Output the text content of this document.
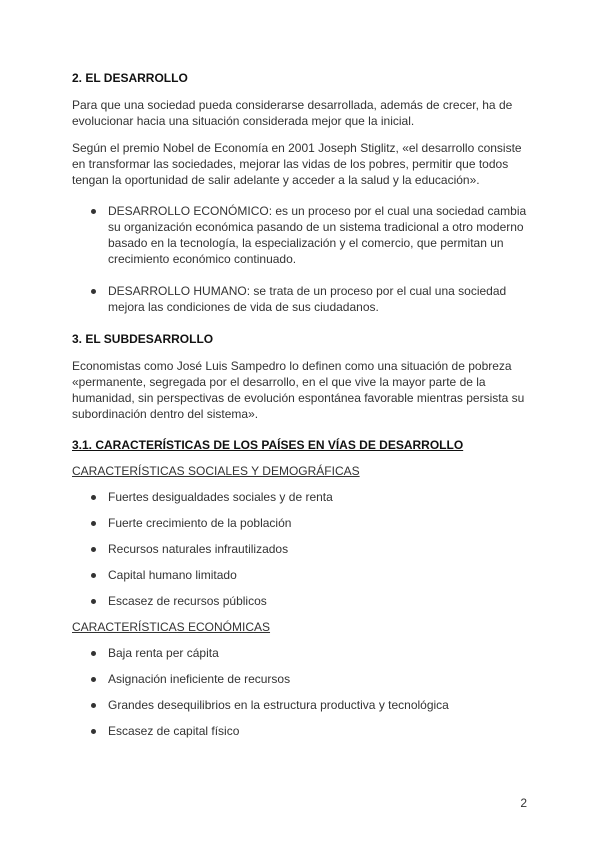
2. EL DESARROLLO

Para que una sociedad pueda considerarse desarrollada, además de crecer, ha de evolucionar hacia una situación considerada mejor que la inicial.

Según el premio Nobel de Economía en 2001 Joseph Stiglitz, «el desarrollo consiste en transformar las sociedades, mejorar las vidas de los pobres, permitir que todos tengan la oportunidad de salir adelante y acceder a la salud y la educación».

DESARROLLO ECONÓMICO: es un proceso por el cual una sociedad cambia su organización económica pasando de un sistema tradicional a otro moderno basado en la tecnología, la especialización y el comercio, que permitan un crecimiento económico continuado.
DESARROLLO HUMANO: se trata de un proceso por el cual una sociedad mejora las condiciones de vida de sus ciudadanos.

3. EL SUBDESARROLLO

Economistas como José Luis Sampedro lo definen como una situación de pobreza «permanente, segregada por el desarrollo, en el que vive la mayor parte de la humanidad, sin perspectivas de evolución espontánea favorable mientras persista su subordinación dentro del sistema».

3.1. CARACTERÍSTICAS DE LOS PAÍSES EN VÍAS DE DESARROLLO

CARACTERÍSTICAS SOCIALES Y DEMOGRÁFICAS

Fuertes desigualdades sociales y de renta
Fuerte crecimiento de la población
Recursos naturales infrautilizados
Capital humano limitado
Escasez de recursos públicos

CARACTERÍSTICAS ECONÓMICAS

Baja renta per cápita
Asignación ineficiente de recursos
Grandes desequilibrios en la estructura productiva y tecnológica
Escasez de capital físico
2
